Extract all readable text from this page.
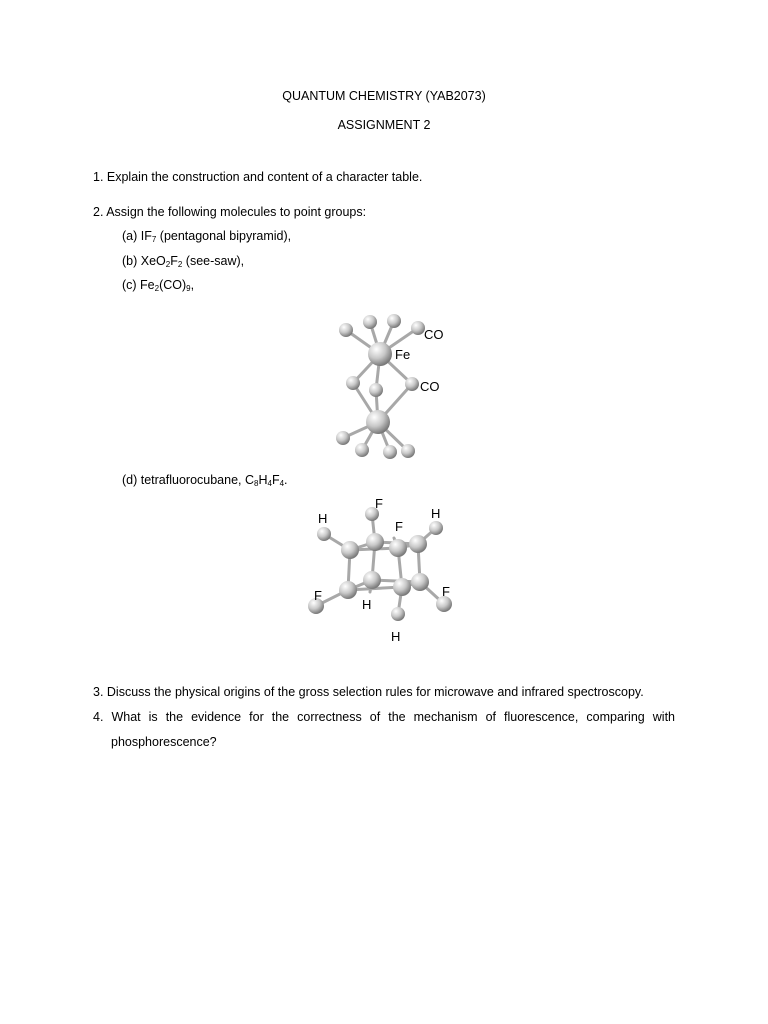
QUANTUM CHEMISTRY (YAB2073)
ASSIGNMENT 2
1. Explain the construction and content of a character table.
2. Assign the following molecules to point groups:
(a) $IF_7$ (pentagonal bipyramid),
(b) $XeO_2F_2$ (see-saw),
(c) $Fe_2(CO)_9$,
CO
Fe
CO
(d) tetrafluorocubane, $C_8H_4F_4$.
F
F
H	H
F	F
H
H
3. Discuss the physical origins of the gross selection rules for microwave and infrared spectroscopy.
4. What is the evidence for the correctness of the mechanism of fluorescence, comparing with
phosphorescence?
